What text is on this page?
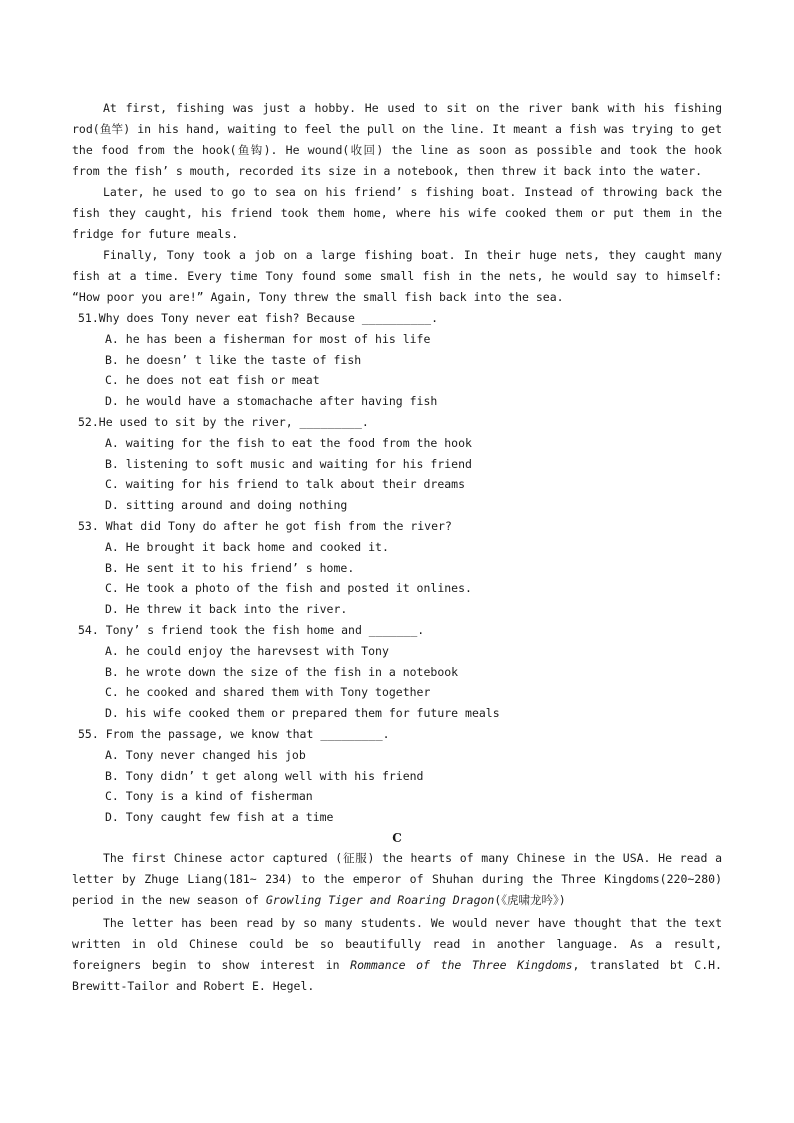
At first, fishing was just a hobby. He used to sit on the river bank with his fishing rod(鱼竿) in his hand, waiting to feel the pull on the line. It meant a fish was trying to get the food from the hook(鱼钩). He wound(收回) the line as soon as possible and took the hook from the fish’ s mouth, recorded its size in a notebook, then threw it back into the water.

Later, he used to go to sea on his friend’ s fishing boat. Instead of throwing back the fish they caught, his friend took them home, where his wife cooked them or put them in the fridge for future meals.

Finally, Tony took a job on a large fishing boat. In their huge nets, they caught many fish at a time. Every time Tony found some small fish in the nets, he would say to himself: “How poor you are!” Again, Tony threw the small fish back into the sea.

51.Why does Tony never eat fish? Because __________.
A. he has been a fisherman for most of his life
B. he doesn’ t like the taste of fish
C. he does not eat fish or meat
D. he would have a stomachache after having fish
52.He used to sit by the river, _________.
A. waiting for the fish to eat the food from the hook
B. listening to soft music and waiting for his friend
C. waiting for his friend to talk about their dreams
D. sitting around and doing nothing
53. What did Tony do after he got fish from the river?
A. He brought it back home and cooked it.
B. He sent it to his friend’ s home.
C. He took a photo of the fish and posted it onlines.
D. He threw it back into the river.
54. Tony’ s friend took the fish home and _______.
A. he could enjoy the harevsest with Tony
B. he wrote down the size of the fish in a notebook
C. he cooked and shared them with Tony together
D. his wife cooked them or prepared them for future meals
55. From the passage, we know that _________.
A. Tony never changed his job
B. Tony didn’ t get along well with his friend
C. Tony is a kind of fisherman
D. Tony caught few fish at a time

C

The first Chinese actor captured (征服) the hearts of many Chinese in the USA. He read a letter by Zhuge Liang(181~ 234) to the emperor of Shuhan during the Three Kingdoms(220~280) period in the new season of Growling Tiger and Roaring Dragon(《虎啸龙吟》)

The letter has been read by so many students. We would never have thought that the text written in old Chinese could be so beautifully read in another language. As a result, foreigners begin to show interest in Rommance of the Three Kingdoms, translated bt C.H. Brewitt-Tailor and Robert E. Hegel.
